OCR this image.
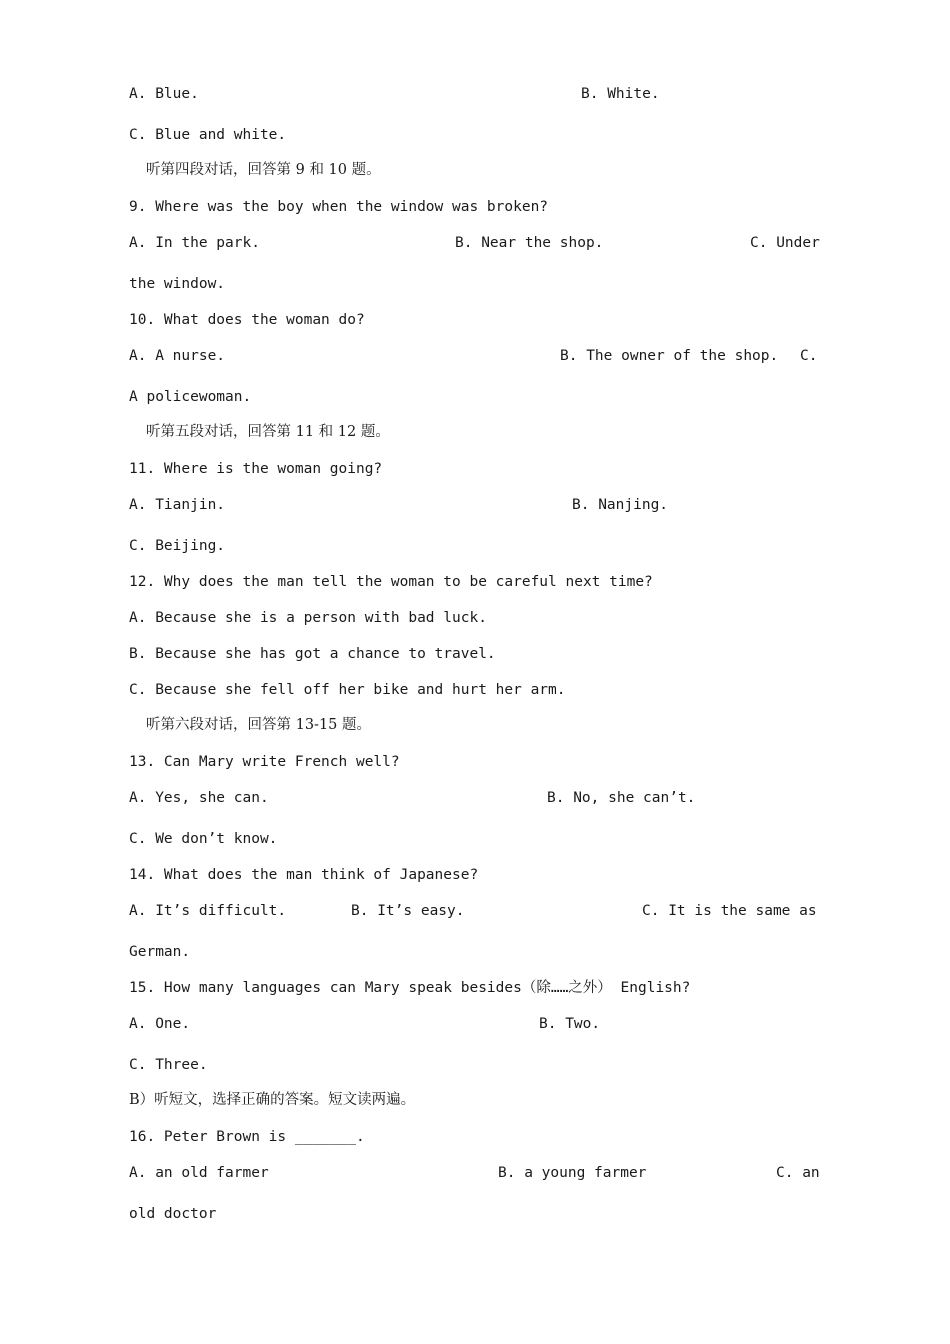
A. Blue.	B. White.
C. Blue and white.
听第四段对话，回答第 9 和 10 题。
9. Where was the boy when the window was broken?
A. In the park.	B. Near the shop.	C. Under
the window.
10. What does the woman do?
A. A nurse.	B. The owner of the shop. C.
A policewoman.
听第五段对话，回答第 11 和 12 题。
11. Where is the woman going?
A. Tianjin.	B. Nanjing.
C. Beijing.
12. Why does the man tell the woman to be careful next time?
A. Because she is a person with bad luck.
B. Because she has got a chance to travel.
C. Because she fell off her bike and hurt her arm.
听第六段对话，回答第 13-15 题。
13. Can Mary write French well?
A. Yes, she can.	B. No, she can’t.
C. We don’t know.
14. What does the man think of Japanese?
A. It’s difficult.	B. It’s easy.	C. It is the same as
German.
15. How many languages can Mary speak besides（除……之外） English?
A. One.	B. Two.
C. Three.
B）听短文，选择正确的答案。短文读两遍。
16. Peter Brown is _______.
A. an old farmer	B. a young farmer	C. an
old doctor
